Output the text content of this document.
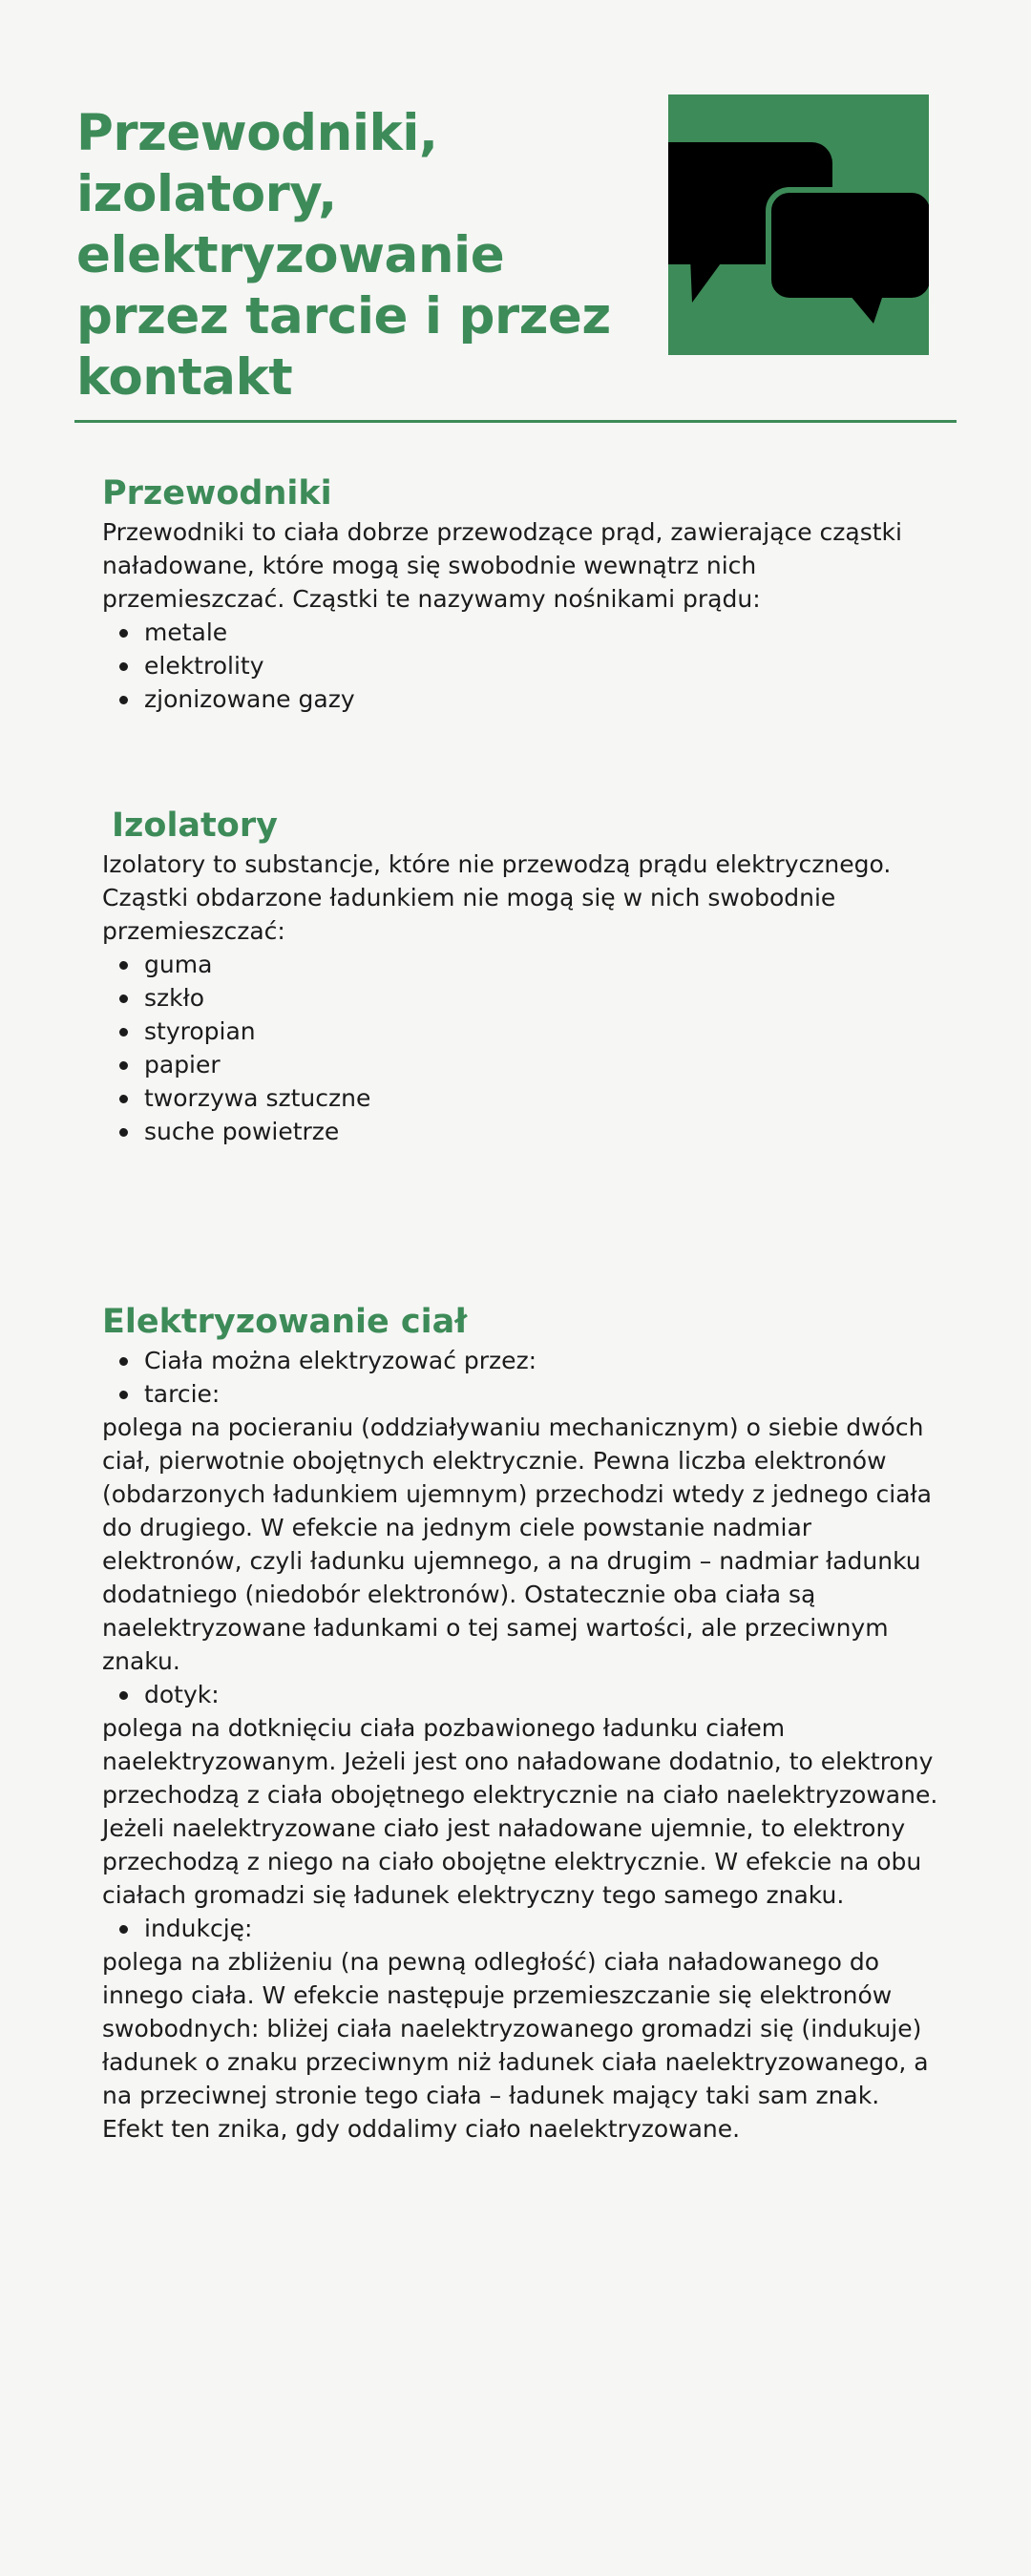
Przewodniki, izolatory, elektryzowanie przez tarcie i przez kontakt
Przewodniki

Przewodniki to ciała dobrze przewodzące prąd, zawierające cząstki naładowane, które mogą się swobodnie wewnątrz nich przemieszczać. Cząstki te nazywamy nośnikami prądu:

metale
elektrolity
zjonizowane gazy
Izolatory

Izolatory to substancje, które nie przewodzą prądu elektrycznego. Cząstki obdarzone ładunkiem nie mogą się w nich swobodnie przemieszczać:

guma
szkło
styropian
papier
tworzywa sztuczne
suche powietrze
Elektryzowanie ciał
Ciała można elektryzować przez:
tarcie:

polega na pocieraniu (oddziaływaniu mechanicznym) o siebie dwóch ciał, pierwotnie obojętnych elektrycznie. Pewna liczba elektronów (obdarzonych ładunkiem ujemnym) przechodzi wtedy z jednego ciała do drugiego. W efekcie na jednym ciele powstanie nadmiar elektronów, czyli ładunku ujemnego, a na drugim – nadmiar ładunku dodatniego (niedobór elektronów). Ostatecznie oba ciała są naelektryzowane ładunkami o tej samej wartości, ale przeciwnym znaku.

dotyk:

polega na dotknięciu ciała pozbawionego ładunku ciałem naelektryzowanym. Jeżeli jest ono naładowane dodatnio, to elektrony przechodzą z ciała obojętnego elektrycznie na ciało naelektryzowane. Jeżeli naelektryzowane ciało jest naładowane ujemnie, to elektrony przechodzą z niego na ciało obojętne elektrycznie. W efekcie na obu ciałach gromadzi się ładunek elektryczny tego samego znaku.

indukcję:

polega na zbliżeniu (na pewną odległość) ciała naładowanego do innego ciała. W efekcie następuje przemieszczanie się elektronów swobodnych: bliżej ciała naelektryzowanego gromadzi się (indukuje) ładunek o znaku przeciwnym niż ładunek ciała naelektryzowanego, a na przeciwnej stronie tego ciała – ładunek mający taki sam znak. Efekt ten znika, gdy oddalimy ciało naelektryzowane.
